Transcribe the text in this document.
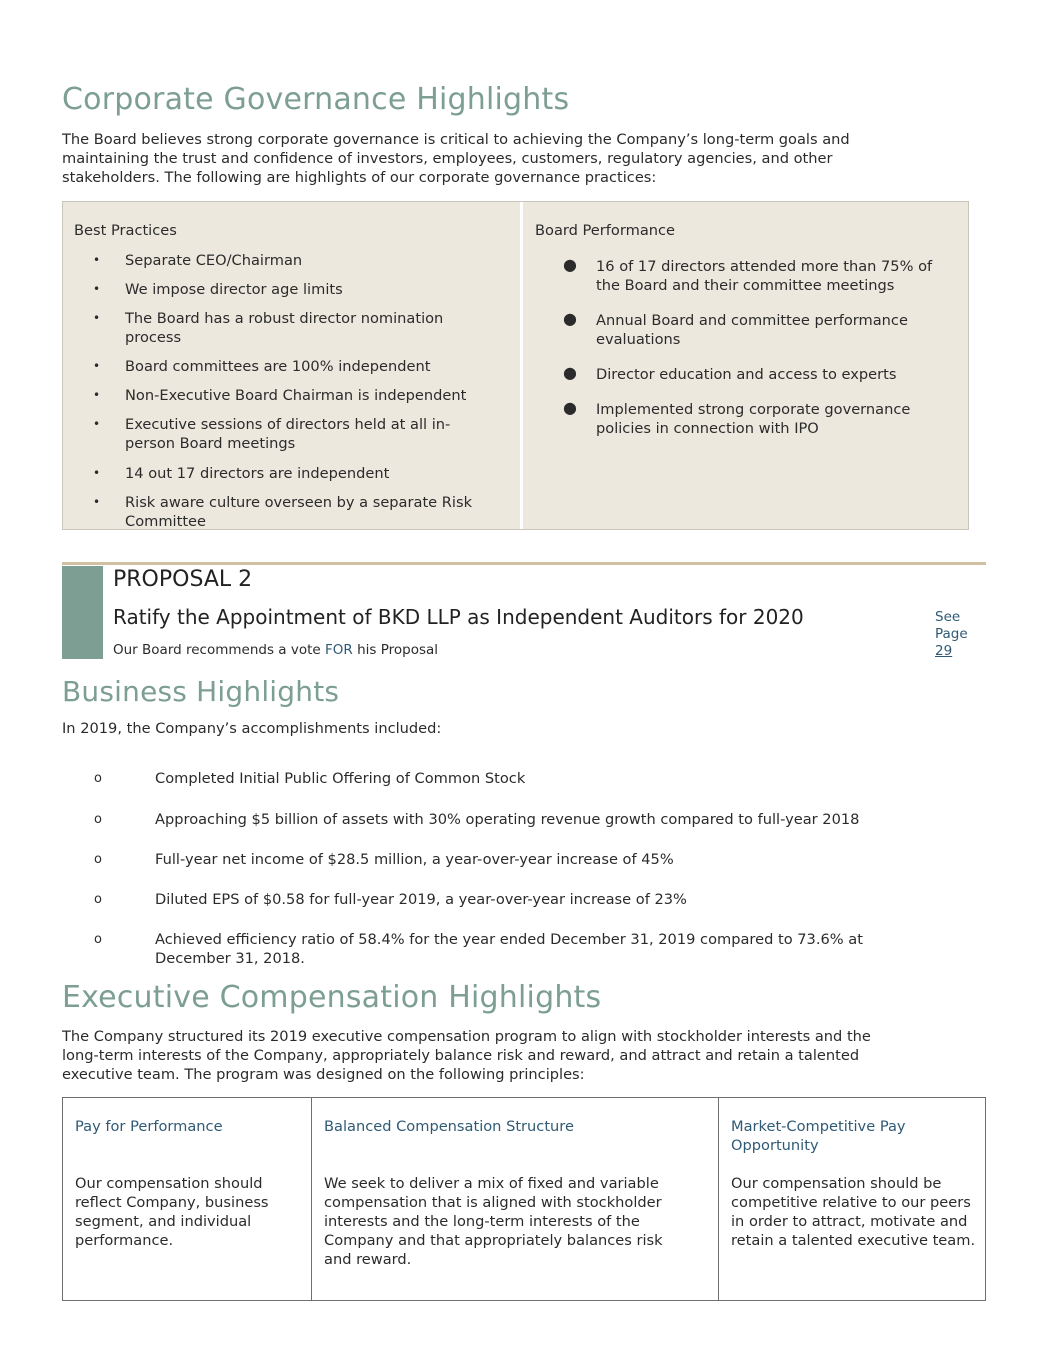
Corporate Governance Highlights
The Board believes strong corporate governance is critical to achieving the Company’s long-term goals and
maintaining the trust and confidence of investors, employees, customers, regulatory agencies, and other
stakeholders. The following are highlights of our corporate governance practices:

Best Practices

• Separate CEO/Chairman
• We impose director age limits
• The Board has a robust director nomination process
• Board committees are 100% independent
• Non-Executive Board Chairman is independent
• Executive sessions of directors held at all in-person Board meetings
• 14 out 17 directors are independent
• Risk aware culture overseen by a separate Risk Committee

Board Performance

● 16 of 17 directors attended more than 75% of the Board and their committee meetings
● Annual Board and committee performance evaluations
● Director education and access to experts
● Implemented strong corporate governance policies in connection with IPO

PROPOSAL 2

Ratify the Appointment of BKD LLP as Independent Auditors for 2020

Our Board recommends a vote FOR his Proposal

See
Page
29

Business Highlights

In 2019, the Company’s accomplishments included:

o	Completed Initial Public Offering of Common Stock
o	Approaching $5 billion of assets with 30% operating revenue growth compared to full-year 2018
o	Full-year net income of $28.5 million, a year-over-year increase of 45%
o	Diluted EPS of $0.58 for full-year 2019, a year-over-year increase of 23%
o	Achieved efficiency ratio of 58.4% for the year ended December 31, 2019 compared to 73.6% at December 31, 2018.
Executive Compensation Highlights
The Company structured its 2019 executive compensation program to align with stockholder interests and the
long-term interests of the Company, appropriately balance risk and reward, and attract and retain a talented
executive team. The program was designed on the following principles:

Pay for Performance

Our compensation should reflect Company, business segment, and individual performance.

Balanced Compensation Structure

We seek to deliver a mix of fixed and variable compensation that is aligned with stockholder interests and the long-term interests of the Company and that appropriately balances risk and reward.

Market-Competitive Pay Opportunity

Our compensation should be competitive relative to our peers in order to attract, motivate and retain a talented executive team.
